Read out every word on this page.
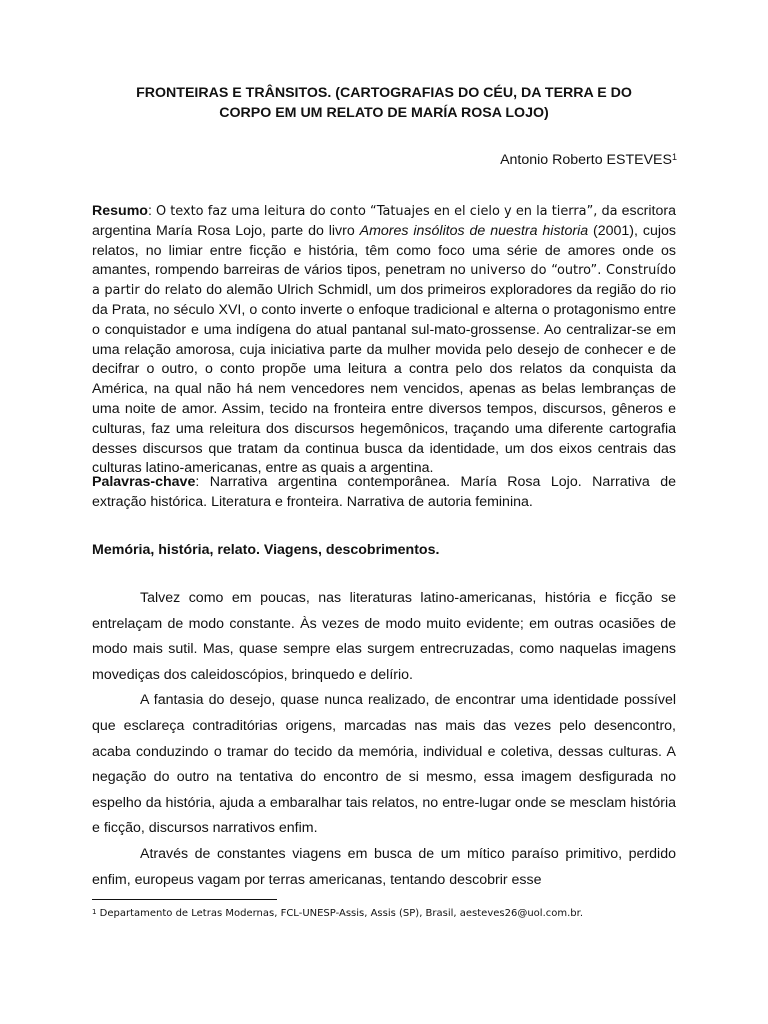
FRONTEIRAS E TRÂNSITOS. (CARTOGRAFIAS DO CÉU, DA TERRA E DO
CORPO EM UM RELATO DE MARÍA ROSA LOJO)
Antonio Roberto ESTEVES$^1$
Resumo: O texto faz uma leitura do conto “Tatuajes en el cielo y en la tierra”, da escritora argentina María Rosa Lojo, parte do livro Amores insólitos de nuestra historia (2001), cujos relatos, no limiar entre ficção e história, têm como foco uma série de amores onde os amantes, rompendo barreiras de vários tipos, penetram no universo do “outro”. Construído a partir do relato do alemão Ulrich Schmidl, um dos primeiros exploradores da região do rio da Prata, no século XVI, o conto inverte o enfoque tradicional e alterna o protagonismo entre o conquistador e uma indígena do atual pantanal sul-mato-grossense. Ao centralizar-se em uma relação amorosa, cuja iniciativa parte da mulher movida pelo desejo de conhecer e de decifrar o outro, o conto propõe uma leitura a contra pelo dos relatos da conquista da América, na qual não há nem vencedores nem vencidos, apenas as belas lembranças de uma noite de amor. Assim, tecido na fronteira entre diversos tempos, discursos, gêneros e culturas, faz uma releitura dos discursos hegemônicos, traçando uma diferente cartografia desses discursos que tratam da continua busca da identidade, um dos eixos centrais das culturas latino-americanas, entre as quais a argentina.
Palavras-chave: Narrativa argentina contemporânea. María Rosa Lojo. Narrativa de extração histórica. Literatura e fronteira. Narrativa de autoria feminina.
Memória, história, relato. Viagens, descobrimentos.

Talvez como em poucas, nas literaturas latino-americanas, história e ficção se entrelaçam de modo constante. Às vezes de modo muito evidente; em outras ocasiões de modo mais sutil. Mas, quase sempre elas surgem entrecruzadas, como naquelas imagens movediças dos caleidoscópios, brinquedo e delírio.

A fantasia do desejo, quase nunca realizado, de encontrar uma identidade possível que esclareça contraditórias origens, marcadas nas mais das vezes pelo desencontro, acaba conduzindo o tramar do tecido da memória, individual e coletiva, dessas culturas. A negação do outro na tentativa do encontro de si mesmo, essa imagem desfigurada no espelho da história, ajuda a embaralhar tais relatos, no entre-lugar onde se mesclam história e ficção, discursos narrativos enfim.

Através de constantes viagens em busca de um mítico paraíso primitivo, perdido enfim, europeus vagam por terras americanas, tentando descobrir esse

$^1$ Departamento de Letras Modernas, FCL-UNESP-Assis, Assis (SP), Brasil, aesteves26@uol.com.br.
